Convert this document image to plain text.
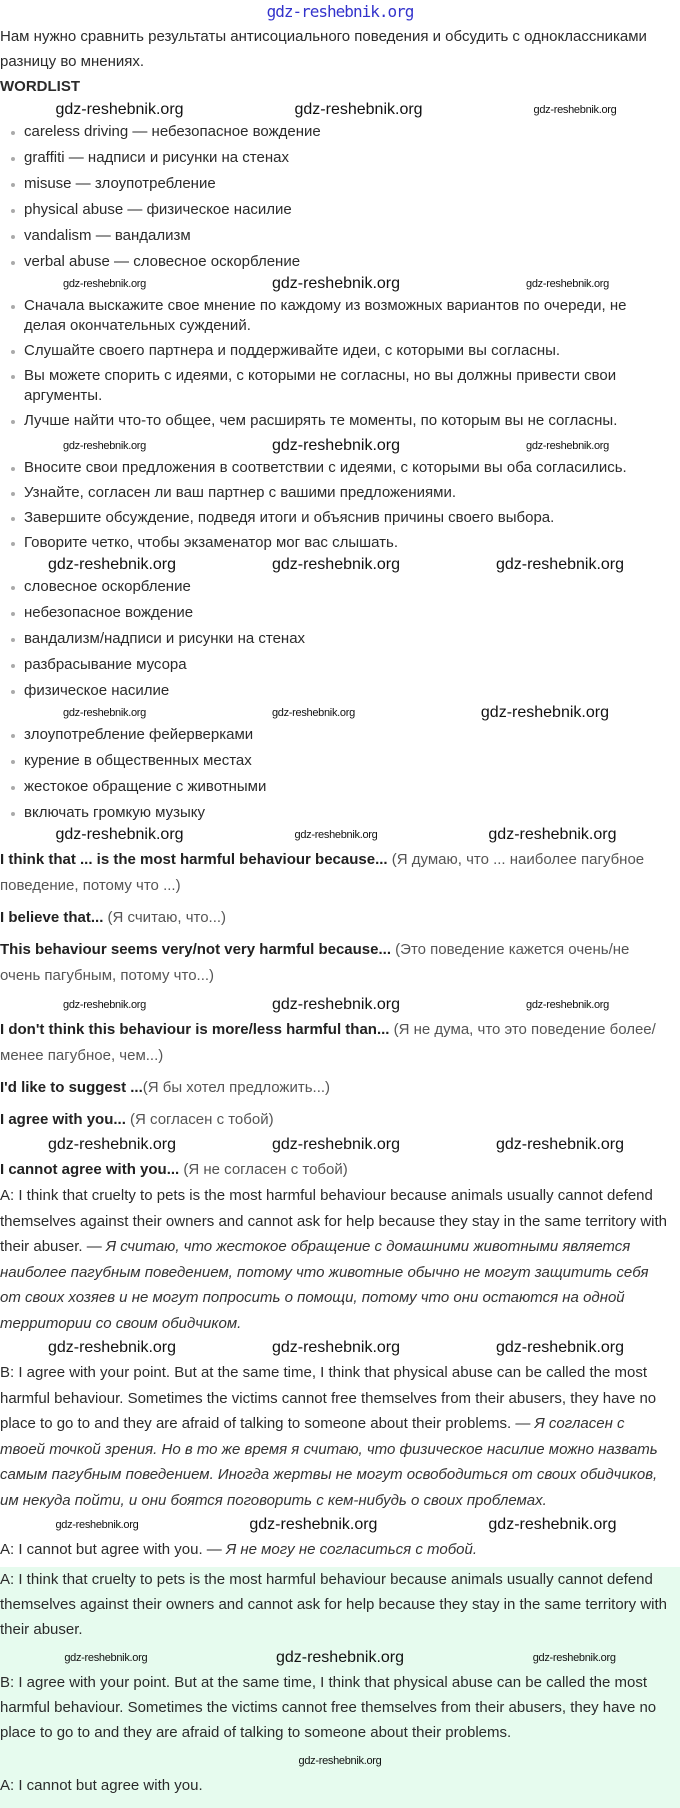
gdz-reshebnik.org

Нам нужно сравнить результаты антисоциального поведения и обсудить с одноклассниками разницу во мнениях.

WORDLIST
gdz-reshebnik.org	gdz-reshebnik.org	gdz-reshebnik.org
careless driving — небезопасное вождение
graffiti — надписи и рисунки на стенах
misuse — злоупотребление
physical abuse — физическое насилие
vandalism — вандализм
verbal abuse — словесное оскорбление
gdz-reshebnik.org	gdz-reshebnik.org	gdz-reshebnik.org
Сначала выскажите свое мнение по каждому из возможных вариантов по очереди, не делая окончательных суждений.
Слушайте своего партнера и поддерживайте идеи, с которыми вы согласны.
Вы можете спорить с идеями, с которыми не согласны, но вы должны привести свои аргументы.
Лучше найти что-то общее, чем расширять те моменты, по которым вы не согласны.
gdz-reshebnik.org	gdz-reshebnik.org	gdz-reshebnik.org
Вносите свои предложения в соответствии с идеями, с которыми вы оба согласились.
Узнайте, согласен ли ваш партнер с вашими предложениями.
Завершите обсуждение, подведя итоги и объяснив причины своего выбора.
Говорите четко, чтобы экзаменатор мог вас слышать.
gdz-reshebnik.org	gdz-reshebnik.org	gdz-reshebnik.org
словесное оскорбление
небезопасное вождение
вандализм/надписи и рисунки на стенах
разбрасывание мусора
физическое насилие
gdz-reshebnik.org	gdz-reshebnik.org	gdz-reshebnik.org
злоупотребление фейерверками
курение в общественных местах
жестокое обращение с животными
включать громкую музыку
gdz-reshebnik.org	gdz-reshebnik.org	gdz-reshebnik.org

I think that ... is the most harmful behaviour because... (Я думаю, что ... наиболее пагубное поведение, потому что ...)

I believe that... (Я считаю, что...)

This behaviour seems very/not very harmful because... (Это поведение кажется очень/не очень пагубным, потому что...)

gdz-reshebnik.org	gdz-reshebnik.org	gdz-reshebnik.org

I don't think this behaviour is more/less harmful than... (Я не дума, что это поведение более/менее пагубное, чем...)

I'd like to suggest ...(Я бы хотел предложить...)

I agree with you... (Я согласен с тобой)

gdz-reshebnik.org	gdz-reshebnik.org	gdz-reshebnik.org

I cannot agree with you... (Я не согласен с тобой)

A: I think that cruelty to pets is the most harmful behaviour because animals usually cannot defend themselves against their owners and cannot ask for help because they stay in the same territory with their abuser. — Я считаю, что жестокое обращение с домашними животными является наиболее пагубным поведением, потому что животные обычно не могут защитить себя от своих хозяев и не могут попросить о помощи, потому что они остаются на одной территории со своим обидчиком.

gdz-reshebnik.org	gdz-reshebnik.org	gdz-reshebnik.org

B: I agree with your point. But at the same time, I think that physical abuse can be called the most harmful behaviour. Sometimes the victims cannot free themselves from their abusers, they have no place to go to and they are afraid of talking to someone about their problems. — Я согласен с твоей точкой зрения. Но в то же время я считаю, что физическое насилие можно назвать самым пагубным поведением. Иногда жертвы не могут освободиться от своих обидчиков, им некуда пойти, и они боятся поговорить с кем-нибудь о своих проблемах.

gdz-reshebnik.org	gdz-reshebnik.org	gdz-reshebnik.org

A: I cannot but agree with you. — Я не могу не согласиться с тобой.

A: I think that cruelty to pets is the most harmful behaviour because animals usually cannot defend themselves against their owners and cannot ask for help because they stay in the same territory with their abuser.

gdz-reshebnik.org	gdz-reshebnik.org	gdz-reshebnik.org

B: I agree with your point. But at the same time, I think that physical abuse can be called the most harmful behaviour. Sometimes the victims cannot free themselves from their abusers, they have no place to go to and they are afraid of talking to someone about their problems.

gdz-reshebnik.org

A: I cannot but agree with you.
